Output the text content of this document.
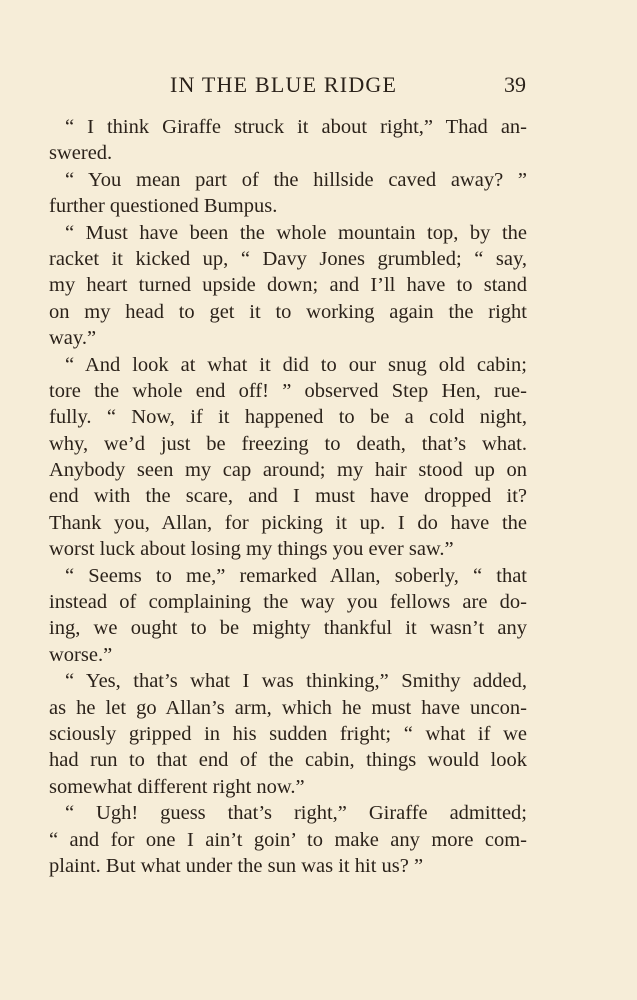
IN THE BLUE RIDGE	39
“ I think Giraffe struck it about right,” Thad an-
swered.
“ You mean part of the hillside caved away? ”
further questioned Bumpus.
“ Must have been the whole mountain top, by the
racket it kicked up, “ Davy Jones grumbled; “ say,
my heart turned upside down; and I’ll have to stand
on my head to get it to working again the right
way.”
“ And look at what it did to our snug old cabin;
tore the whole end off! ” observed Step Hen, rue-
fully. “ Now, if it happened to be a cold night,
why, we’d just be freezing to death, that’s what.
Anybody seen my cap around; my hair stood up on
end with the scare, and I must have dropped it?
Thank you, Allan, for picking it up. I do have the
worst luck about losing my things you ever saw.”
“ Seems to me,” remarked Allan, soberly, “ that
instead of complaining the way you fellows are do-
ing, we ought to be mighty thankful it wasn’t any
worse.”
“ Yes, that’s what I was thinking,” Smithy added,
as he let go Allan’s arm, which he must have uncon-
sciously gripped in his sudden fright; “ what if we
had run to that end of the cabin, things would look
somewhat different right now.”
“ Ugh! guess that’s right,” Giraffe admitted;
“ and for one I ain’t goin’ to make any more com-
plaint. But what under the sun was it hit us? ”
